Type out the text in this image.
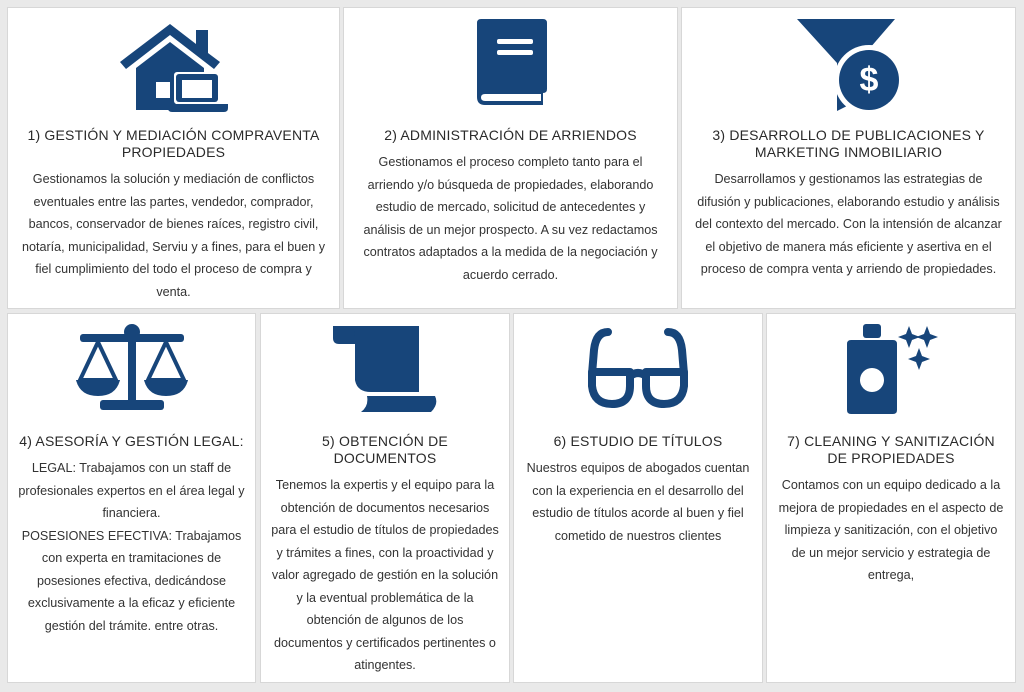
1) GESTIÓN Y MEDIACIÓN COMPRAVENTA PROPIEDADES

Gestionamos la solución y mediación de conflictos eventuales entre las partes, vendedor, comprador, bancos, conservador de bienes raíces, registro civil, notaría, municipalidad, Serviu y a fines, para el buen y fiel cumplimiento del todo el proceso de compra y venta.

2) ADMINISTRACIÓN DE ARRIENDOS

Gestionamos el proceso completo tanto para el arriendo y/o búsqueda de propiedades, elaborando estudio de mercado, solicitud de antecedentes y análisis de un mejor prospecto. A su vez redactamos contratos adaptados a la medida de la negociación y acuerdo cerrado.

$
3) DESARROLLO DE PUBLICACIONES Y MARKETING INMOBILIARIO

Desarrollamos y gestionamos las estrategias de difusión y publicaciones, elaborando estudio y análisis del contexto del mercado. Con la intensión de alcanzar el objetivo de manera más eficiente y asertiva en el proceso de compra venta y arriendo de propiedades.

4) ASESORÍA Y GESTIÓN LEGAL:

LEGAL: Trabajamos con un staff de profesionales expertos en el área legal y financiera.

POSESIONES EFECTIVA: Trabajamos con experta en tramitaciones de posesiones efectiva, dedicándose exclusivamente a la eficaz y eficiente gestión del trámite. entre otras.

5) OBTENCIÓN DE DOCUMENTOS

Tenemos la expertis y el equipo para la obtención de documentos necesarios para el estudio de títulos de propiedades y trámites a fines, con la proactividad y valor agregado de gestión en la solución y la eventual problemática de la obtención de algunos de los documentos y certificados pertinentes o atingentes.

6) ESTUDIO DE TÍTULOS

Nuestros equipos de abogados cuentan con la experiencia en el desarrollo del estudio de títulos acorde al buen y fiel cometido de nuestros clientes

7) CLEANING Y SANITIZACIÓN DE PROPIEDADES

Contamos con un equipo dedicado a la mejora de propiedades en el aspecto de limpieza y sanitización, con el objetivo de un mejor servicio y estrategia de entrega,
